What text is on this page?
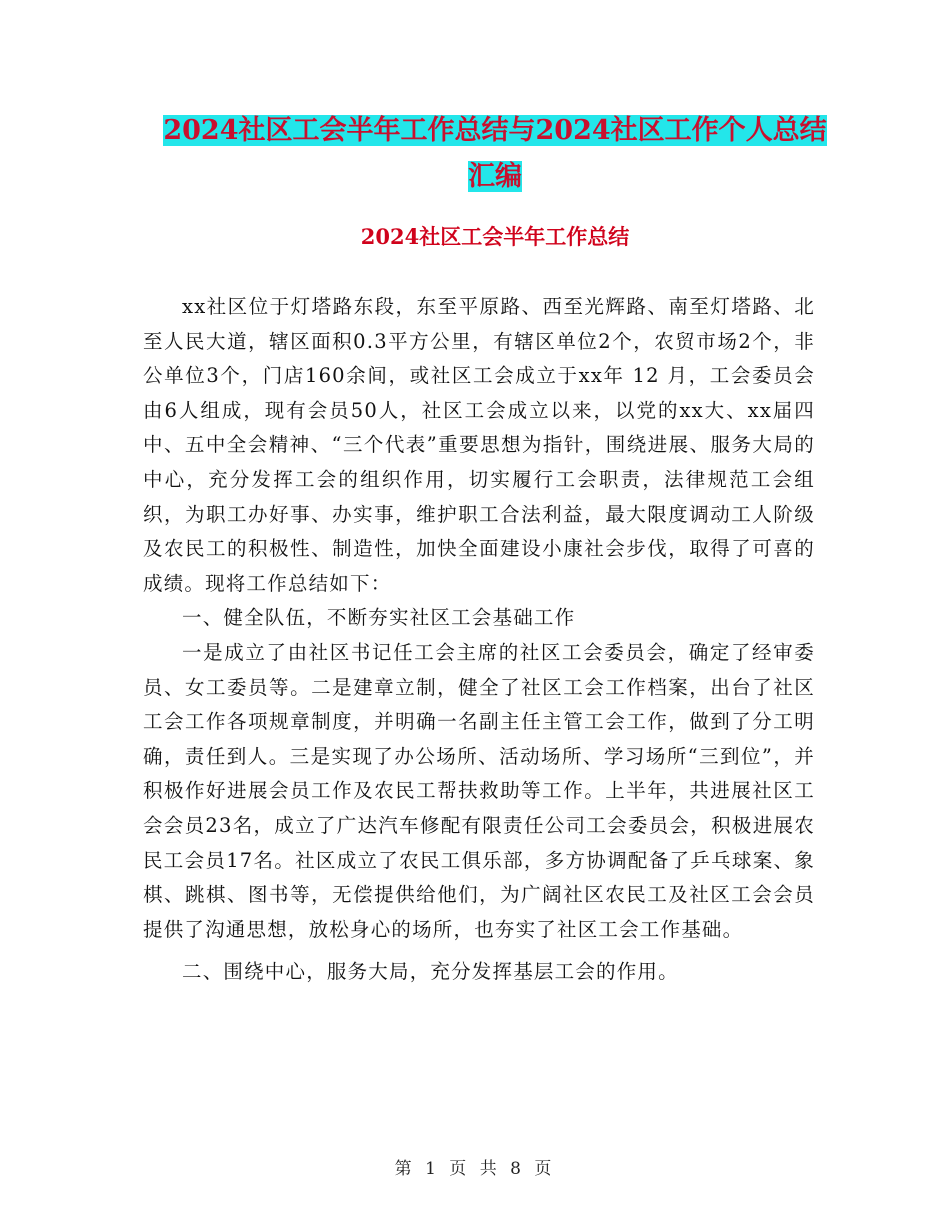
2024社区工会半年工作总结与2024社区工作个人总结
汇编
2024社区工会半年工作总结

xx社区位于灯塔路东段，东至平原路、西至光辉路、南至灯塔路、北至人民大道，辖区面积0.3平方公里，有辖区单位2个，农贸市场2个，非公单位3个，门店160余间，或社区工会成立于xx年 12 月，工会委员会由6人组成，现有会员50人，社区工会成立以来，以党的xx大、xx届四中、五中全会精神、“三个代表”重要思想为指针，围绕进展、服务大局的中心，充分发挥工会的组织作用，切实履行工会职责，法律规范工会组织，为职工办好事、办实事，维护职工合法利益，最大限度调动工人阶级及农民工的积极性、制造性，加快全面建设小康社会步伐，取得了可喜的成绩。现将工作总结如下：

一、健全队伍，不断夯实社区工会基础工作

一是成立了由社区书记任工会主席的社区工会委员会，确定了经审委员、女工委员等。二是建章立制，健全了社区工会工作档案，出台了社区工会工作各项规章制度，并明确一名副主任主管工会工作，做到了分工明确，责任到人。三是实现了办公场所、活动场所、学习场所“三到位”，并积极作好进展会员工作及农民工帮扶救助等工作。上半年，共进展社区工会会员23名，成立了广达汽车修配有限责任公司工会委员会，积极进展农民工会员17名。社区成立了农民工俱乐部，多方协调配备了乒乓球案、象棋、跳棋、图书等，无偿提供给他们，为广阔社区农民工及社区工会会员提供了沟通思想，放松身心的场所，也夯实了社区工会工作基础。

二、围绕中心，服务大局，充分发挥基层工会的作用。

第 1 页 共 8 页
